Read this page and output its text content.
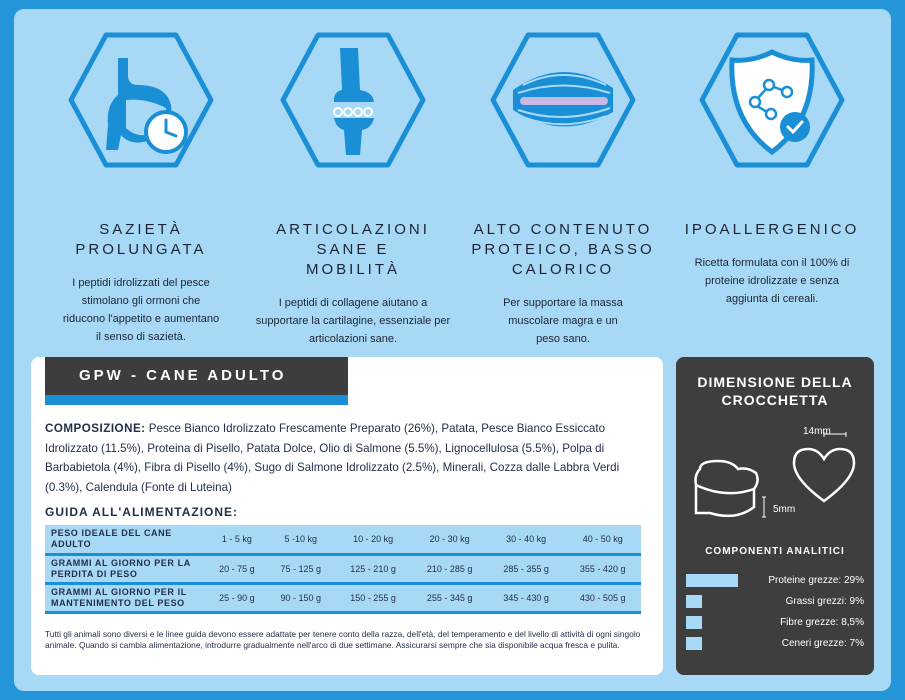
SAZIETÀ PROLUNGATA
I peptidi idrolizzati del pesce stimolano gli ormoni che riducono l'appetito e aumentano il senso di sazietà.
ARTICOLAZIONI SANE E MOBILITÀ
I peptidi di collagene aiutano a supportare la cartilagine, essenziale per articolazioni sane.
ALTO CONTENUTO PROTEICO, BASSO CALORICO
Per supportare la massa muscolare magra e un peso sano.
IPOALLERGENICO
Ricetta formulata con il 100% di proteine idrolizzate e senza aggiunta di cereali.
GPW - CANE ADULTO
COMPOSIZIONE: Pesce Bianco Idrolizzato Frescamente Preparato (26%), Patata, Pesce Bianco Essiccato Idrolizzato (11.5%), Proteina di Pisello, Patata Dolce, Olio di Salmone (5.5%), Lignocellulosa (5.5%), Polpa di Barbabietola (4%), Fibra di Pisello (4%), Sugo di Salmone Idrolizzato (2.5%), Minerali, Cozza dalle Labbra Verdi (0.3%), Calendula (Fonte di Luteina)
GUIDA ALL'ALIMENTAZIONE:
PESO IDEALE DEL CANE ADULTO	1 - 5 kg	5 -10 kg	10 - 20 kg	20 - 30 kg	30 - 40 kg	40 - 50 kg
GRAMMI AL GIORNO PER LA PERDITA DI PESO	20 - 75 g	75 - 125 g	125 - 210 g	210 - 285 g	285 - 355 g	355 - 420 g
GRAMMI AL GIORNO PER IL MANTENIMENTO DEL PESO	25 - 90 g	90 - 150 g	150 - 255 g	255 - 345 g	345 - 430 g	430 - 505 g
Tutti gli animali sono diversi e le linee guida devono essere adattate per tenere conto della razza, dell'età, del temperamento e del livello di attività di ogni singolo animale. Quando si cambia alimentazione, introdurre gradualmente nell'arco di due settimane. Assicurarsi sempre che sia disponibile acqua fresca e pulita.
DIMENSIONE DELLA CROCCHETTA
14mm
5mm
COMPONENTI ANALITICI
Proteine grezze: 29%
Grassi grezzi: 9%
Fibre grezze: 8,5%
Ceneri grezze: 7%
